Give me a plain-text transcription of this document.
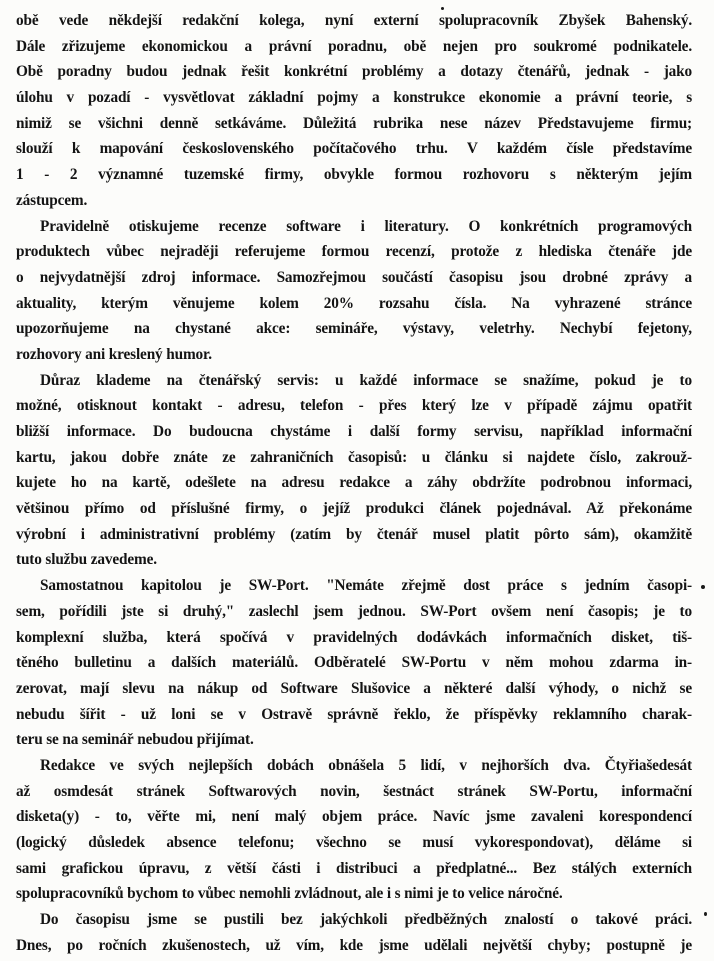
obě vede někdejší redakční kolega, nyní externí spolupracovník Zbyšek Bahenský.
Dále zřizujeme ekonomickou a právní poradnu, obě nejen pro soukromé podnikatele.
Obě poradny budou jednak řešit konkrétní problémy a dotazy čtenářů, jednak - jako
úlohu v pozadí - vysvětlovat základní pojmy a konstrukce ekonomie a právní teorie, s
nimiž se všichni denně setkáváme. Důležitá rubrika nese název Představujeme firmu;
slouží k mapování československého počítačového trhu. V každém čísle představíme
1 - 2 významné tuzemské firmy, obvykle formou rozhovoru s některým jejím
zástupcem.
Pravidelně otiskujeme recenze software i literatury. O konkrétních programových
produktech vůbec nejraději referujeme formou recenzí, protože z hlediska čtenáře jde
o nejvydatnější zdroj informace. Samozřejmou součástí časopisu jsou drobné zprávy a
aktuality, kterým věnujeme kolem 20% rozsahu čísla. Na vyhrazené stránce
upozorňujeme na chystané akce: semináře, výstavy, veletrhy. Nechybí fejetony,
rozhovory ani kreslený humor.
Důraz klademe na čtenářský servis: u každé informace se snažíme, pokud je to
možné, otisknout kontakt - adresu, telefon - přes který lze v případě zájmu opatřit
bližší informace. Do budoucna chystáme i další formy servisu, například informační
kartu, jakou dobře znáte ze zahraničních časopisů: u článku si najdete číslo, zakrouž-
kujete ho na kartě, odešlete na adresu redakce a záhy obdržíte podrobnou informaci,
většinou přímo od příslušné firmy, o jejíž produkci článek pojednával. Až překonáme
výrobní i administrativní problémy (zatím by čtenář musel platit pôrto sám), okamžitě
tuto službu zavedeme.
Samostatnou kapitolou je SW-Port. "Nemáte zřejmě dost práce s jedním časopi-
sem, pořídili jste si druhý," zaslechl jsem jednou. SW-Port ovšem není časopis; je to
komplexní služba, která spočívá v pravidelných dodávkách informačních disket, tiš-
těného bulletinu a dalších materiálů. Odběratelé SW-Portu v něm mohou zdarma in-
zerovat, mají slevu na nákup od Software Slušovice a některé další výhody, o nichž se
nebudu šířit - už loni se v Ostravě správně řeklo, že příspěvky reklamního charak-
teru se na seminář nebudou přijímat.
Redakce ve svých nejlepších dobách obnášela 5 lidí, v nejhorších dva. Čtyřiašedesát
až osmdesát stránek Softwarových novin, šestnáct stránek SW-Portu, informační
disketa(y) - to, věřte mi, není malý objem práce. Navíc jsme zavaleni korespondencí
(logický důsledek absence telefonu; všechno se musí vykorespondovat), děláme si
sami grafickou úpravu, z větší části i distribuci a předplatné... Bez stálých externích
spolupracovníků bychom to vůbec nemohli zvládnout, ale i s nimi je to velice náročné.
Do časopisu jsme se pustili bez jakýchkoli předběžných znalostí o takové práci.
Dnes, po ročních zkušenostech, už vím, kde jsme udělali největší chyby; postupně je
